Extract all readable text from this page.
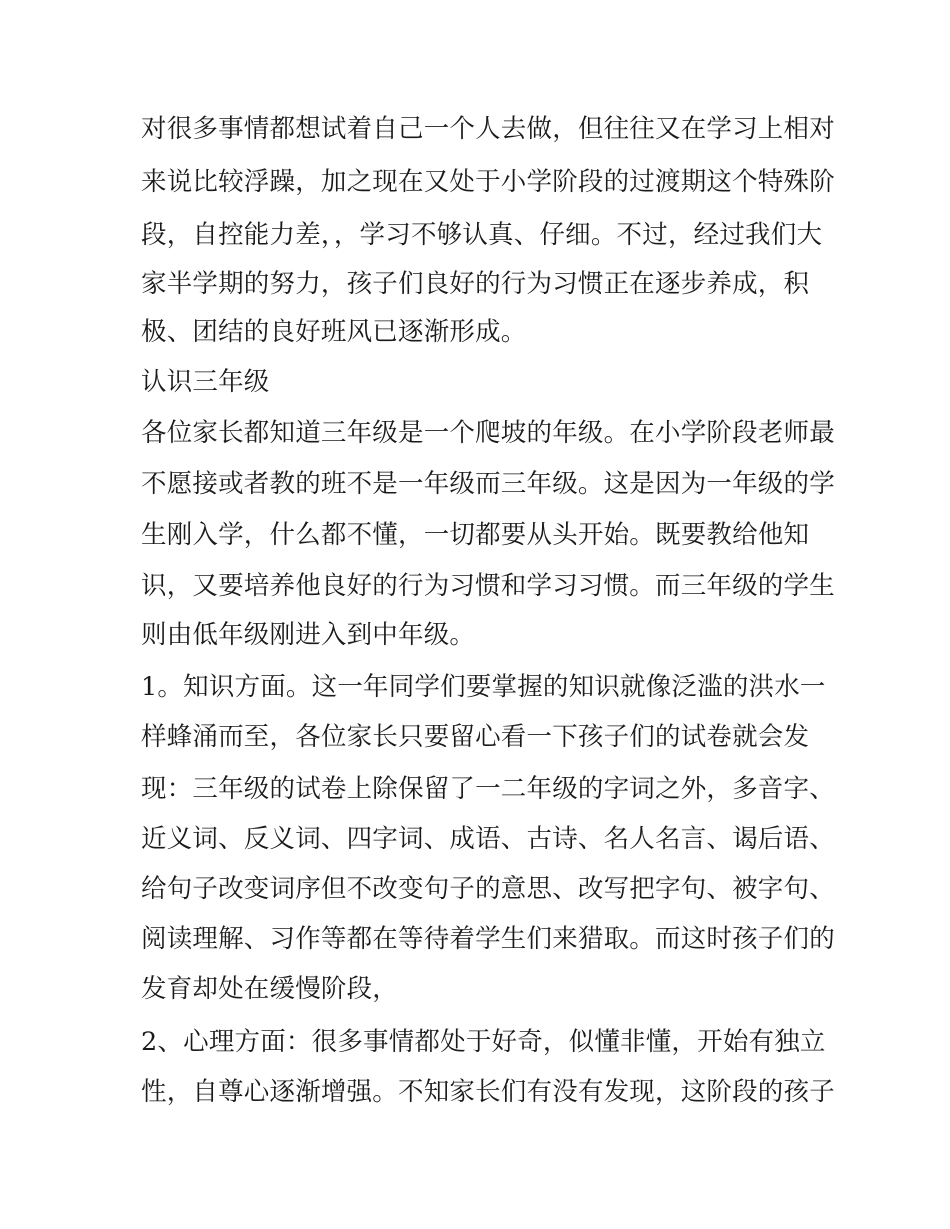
对很多事情都想试着自己一个人去做，但往往又在学习上相对
来说比较浮躁，加之现在又处于小学阶段的过渡期这个特殊阶
段，自控能力差，，学习不够认真、仔细。不过，经过我们大
家半学期的努力，孩子们良好的行为习惯正在逐步养成，积
极、团结的良好班风已逐渐形成。
认识三年级
各位家长都知道三年级是一个爬坡的年级。在小学阶段老师最
不愿接或者教的班不是一年级而三年级。这是因为一年级的学
生刚入学，什么都不懂，一切都要从头开始。既要教给他知
识，又要培养他良好的行为习惯和学习习惯。而三年级的学生
则由低年级刚进入到中年级。
1。知识方面。这一年同学们要掌握的知识就像泛滥的洪水一
样蜂涌而至，各位家长只要留心看一下孩子们的试卷就会发
现：三年级的试卷上除保留了一二年级的字词之外，多音字、
近义词、反义词、四字词、成语、古诗、名人名言、谒后语、
给句子改变词序但不改变句子的意思、改写把字句、被字句、
阅读理解、习作等都在等待着学生们来猎取。而这时孩子们的
发育却处在缓慢阶段，
2、心理方面：很多事情都处于好奇，似懂非懂，开始有独立
性，自尊心逐渐增强。不知家长们有没有发现，这阶段的孩子
